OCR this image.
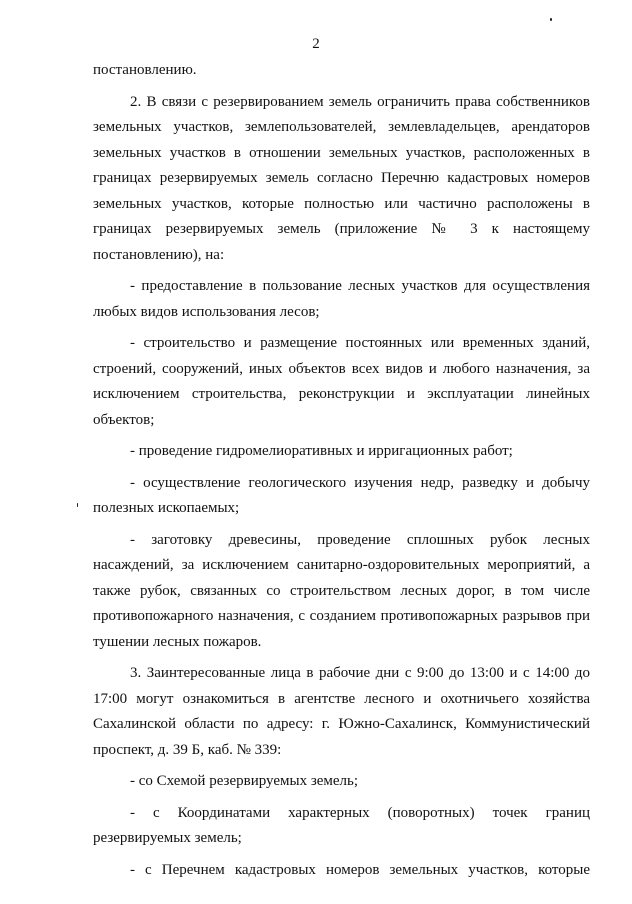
2

постановлению.

2. В связи с резервированием земель ограничить права собственников земельных участков, землепользователей, землевладельцев, арендаторов земельных участков в отношении земельных участков, расположенных в границах резервируемых земель согласно Перечню кадастровых номеров земельных участков, которые полностью или частично расположены в границах резервируемых земель (приложение № 3 к настоящему постановлению), на:

- предоставление в пользование лесных участков для осуществления любых видов использования лесов;

- строительство и размещение постоянных или временных зданий, строений, сооружений, иных объектов всех видов и любого назначения, за исключением строительства, реконструкции и эксплуатации линейных объектов;

- проведение гидромелиоративных и ирригационных работ;

- осуществление геологического изучения недр, разведку и добычу полезных ископаемых;

- заготовку древесины, проведение сплошных рубок лесных насаждений, за исключением санитарно-оздоровительных мероприятий, а также рубок, связанных со строительством лесных дорог, в том числе противопожарного назначения, с созданием противопожарных разрывов при тушении лесных пожаров.

3. Заинтересованные лица в рабочие дни с 9:00 до 13:00 и с 14:00 до 17:00 могут ознакомиться в агентстве лесного и охотничьего хозяйства Сахалинской области по адресу: г. Южно-Сахалинск, Коммунистический проспект, д. 39 Б, каб. № 339:

- со Схемой резервируемых земель;

- с Координатами характерных (поворотных) точек границ резервируемых земель;

- с Перечнем кадастровых номеров земельных участков, которые
